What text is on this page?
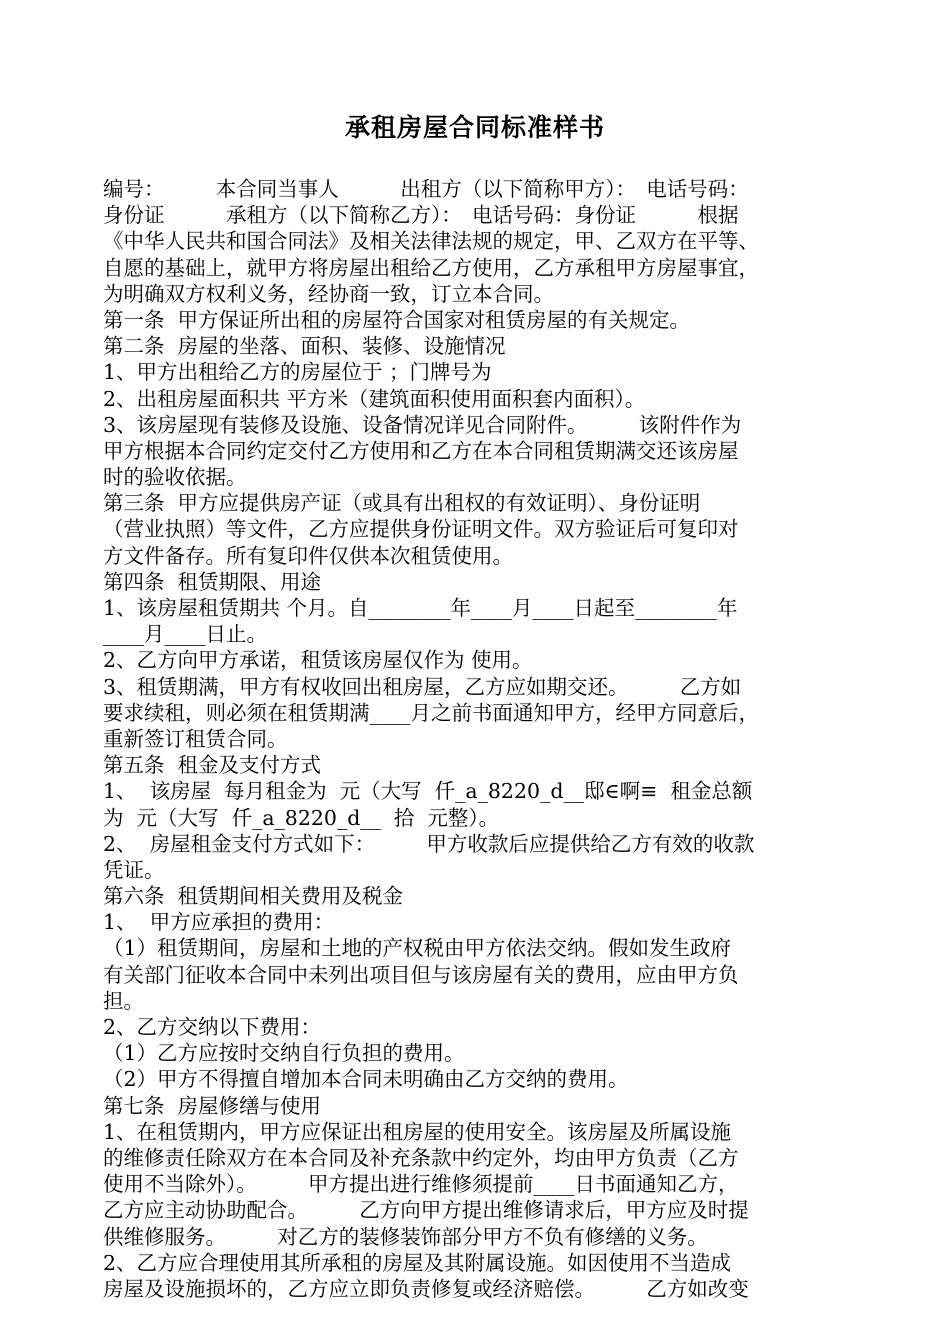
承租房屋合同标准样书
编号：　　　本合同当事人　　　出租方（以下简称甲方）：　电话号码：
身份证　　　承租方（以下简称乙方）：　电话号码：身份证　　　根据
《中华人民共和国合同法》及相关法律法规的规定，甲、乙双方在平等、
自愿的基础上，就甲方将房屋出租给乙方使用，乙方承租甲方房屋事宜，
为明确双方权利义务，经协商一致，订立本合同。
第一条  甲方保证所出租的房屋符合国家对租赁房屋的有关规定。
第二条  房屋的坐落、面积、装修、设施情况
1、甲方出租给乙方的房屋位于 ；门牌号为
2、出租房屋面积共 平方米（建筑面积使用面积套内面积）。
3、该房屋现有装修及设施、设备情况详见合同附件。　　　该附件作为
甲方根据本合同约定交付乙方使用和乙方在本合同租赁期满交还该房屋
时的验收依据。
第三条  甲方应提供房产证（或具有出租权的有效证明）、身份证明
（营业执照）等文件，乙方应提供身份证明文件。双方验证后可复印对
方文件备存。所有复印件仅供本次租赁使用。
第四条  租赁期限、用途
1、该房屋租赁期共 个月。自________年____月____日起至________年
____月____日止。
2、乙方向甲方承诺，租赁该房屋仅作为 使用。
3、租赁期满，甲方有权收回出租房屋，乙方应如期交还。　　　乙方如
要求续租，则必须在租赁期满____月之前书面通知甲方，经甲方同意后，
重新签订租赁合同。
第五条  租金及支付方式
1、  该房屋  每月租金为  元（大写  仟_a_8220_d__邸∈啊≡  租金总额
为  元（大写  仟_a_8220_d__  拾  元整）。
2、  房屋租金支付方式如下：　　　甲方收款后应提供给乙方有效的收款
凭证。
第六条  租赁期间相关费用及税金
1、  甲方应承担的费用：
（1）租赁期间，房屋和土地的产权税由甲方依法交纳。假如发生政府
有关部门征收本合同中未列出项目但与该房屋有关的费用，应由甲方负
担。
2、乙方交纳以下费用：
（1）乙方应按时交纳自行负担的费用。
（2）甲方不得擅自增加本合同未明确由乙方交纳的费用。
第七条  房屋修缮与使用
1、在租赁期内，甲方应保证出租房屋的使用安全。该房屋及所属设施
的维修责任除双方在本合同及补充条款中约定外，均由甲方负责（乙方
使用不当除外）。　　　甲方提出进行维修须提前____日书面通知乙方，
乙方应主动协助配合。　　　乙方向甲方提出维修请求后，甲方应及时提
供维修服务。　　　对乙方的装修装饰部分甲方不负有修缮的义务。
2、乙方应合理使用其所承租的房屋及其附属设施。如因使用不当造成
房屋及设施损坏的，乙方应立即负责修复或经济赔偿。　　　乙方如改变
